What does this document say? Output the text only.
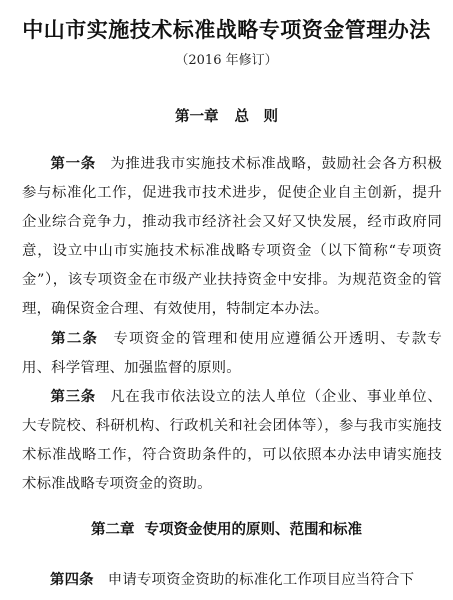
中山市实施技术标准战略专项资金管理办法
（2016 年修订）
第一章 总　则
第一条 为推进我市实施技术标准战略，鼓励社会各方积极参与标准化工作，促进我市技术进步，促使企业自主创新，提升企业综合竞争力，推动我市经济社会又好又快发展，经市政府同意，设立中山市实施技术标准战略专项资金（以下简称“专项资金”），该专项资金在市级产业扶持资金中安排。为规范资金的管理，确保资金合理、有效使用，特制定本办法。
第二条 专项资金的管理和使用应遵循公开透明、专款专用、科学管理、加强监督的原则。
第三条 凡在我市依法设立的法人单位（企业、事业单位、大专院校、科研机构、行政机关和社会团体等），参与我市实施技术标准战略工作，符合资助条件的，可以依照本办法申请实施技术标准战略专项资金的资助。
第二章 专项资金使用的原则、范围和标准
第四条 申请专项资金资助的标准化工作项目应当符合下
